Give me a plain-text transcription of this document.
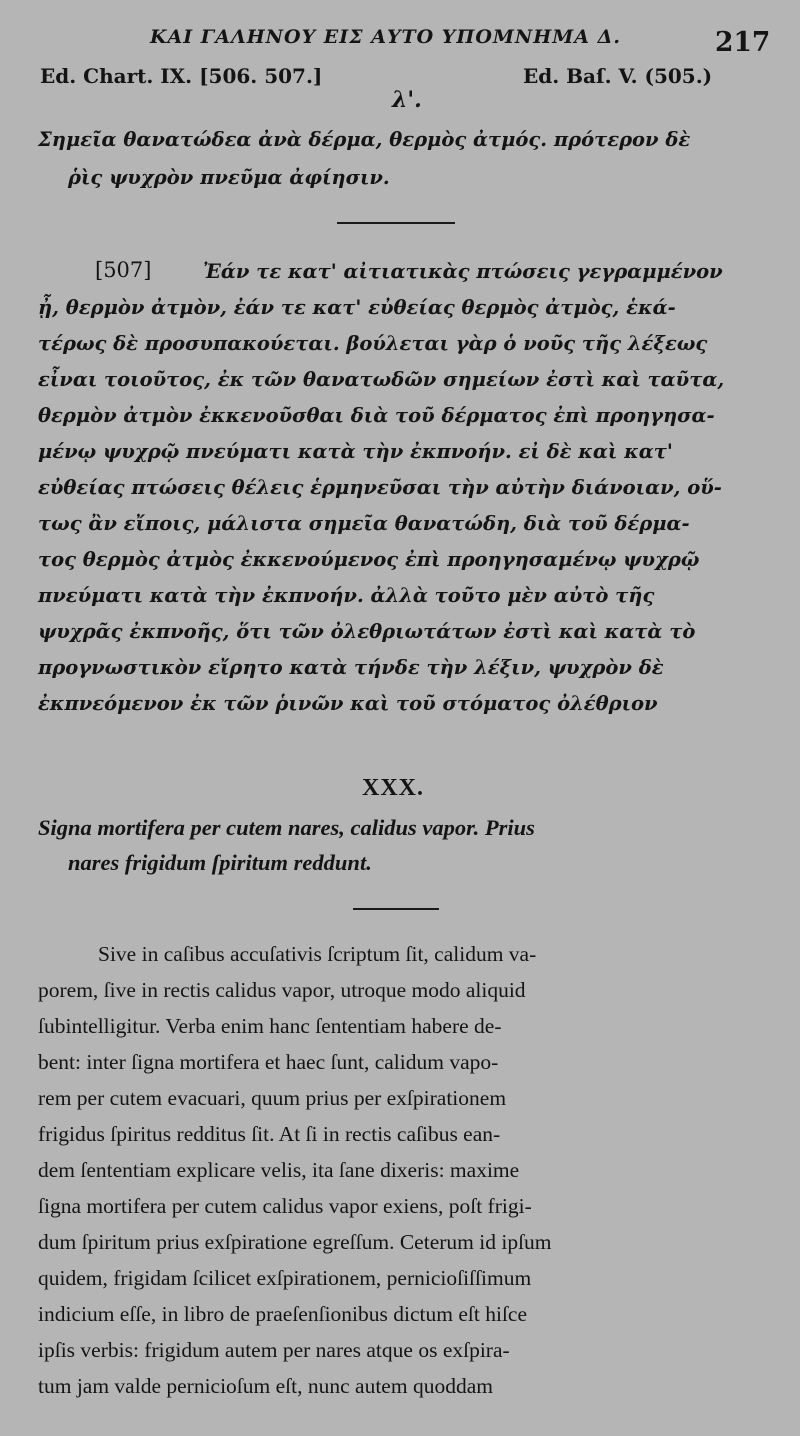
ΚΑΙ ΓΑΛΗΝΟΥ ΕΙΣ ΑΥΤΟ ΥΠΟΜΝΗΜΑ Δ.	217
Ed. Chart. IX. [506. 507.]	Ed. Baſ. V. (505.)
λ'.
Σημεῖα θανατώδεα ἀνὰ δέρμα, θερμὸς ἀτμός. πρότερον δὲ
ῥὶς ψυχρὸν πνεῦμα ἀφίησιν.
[507]	Ἐάν τε κατ' αἰτιατικὰς πτώσεις γεγραμμένον
ᾖ, θερμὸν ἀτμὸν, ἐάν τε κατ' εὐθείας θερμὸς ἀτμὸς, ἑκά-
τέρως δὲ προσυπακούεται. βούλεται γὰρ ὁ νοῦς τῆς λέξεως
εἶναι τοιοῦτος, ἐκ τῶν θανατωδῶν σημείων ἐστὶ καὶ ταῦτα,
θερμὸν ἀτμὸν ἐκκενοῦσθαι διὰ τοῦ δέρματος ἐπὶ προηγησα-
μένῳ ψυχρῷ πνεύματι κατὰ τὴν ἐκπνοήν. εἰ δὲ καὶ κατ'
εὐθείας πτώσεις θέλεις ἑρμηνεῦσαι τὴν αὐτὴν διάνοιαν, οὕ-
τως ἂν εἴποις, μάλιστα σημεῖα θανατώδη, διὰ τοῦ δέρμα-
τος θερμὸς ἀτμὸς ἐκκενούμενος ἐπὶ προηγησαμένῳ ψυχρῷ
πνεύματι κατὰ τὴν ἐκπνοήν. ἀλλὰ τοῦτο μὲν αὐτὸ τῆς
ψυχρᾶς ἐκπνοῆς, ὅτι τῶν ὀλεθριωτάτων ἐστὶ καὶ κατὰ τὸ
προγνωστικὸν εἴρητο κατὰ τήνδε τὴν λέξιν, ψυχρὸν δὲ
ἐκπνεόμενον ἐκ τῶν ῥινῶν καὶ τοῦ στόματος ὀλέθριον
XXX.
Signa mortifera per cutem nares, calidus vapor. Prius
nares frigidum ſpiritum reddunt.
Sive in caſibus accuſativis ſcriptum ſit, calidum va-
porem, ſive in rectis calidus vapor, utroque modo aliquid
ſubintelligitur. Verba enim hanc ſententiam habere de-
bent: inter ſigna mortifera et haec ſunt, calidum vapo-
rem per cutem evacuari, quum prius per exſpirationem
frigidus ſpiritus redditus ſit. At ſi in rectis caſibus ean-
dem ſententiam explicare velis, ita ſane dixeris: maxime
ſigna mortifera per cutem calidus vapor exiens, poſt frigi-
dum ſpiritum prius exſpiratione egreſſum. Ceterum id ipſum
quidem, frigidam ſcilicet exſpirationem, pernicioſiſſimum
indicium eſſe, in libro de praeſenſionibus dictum eſt hiſce
ipſis verbis: frigidum autem per nares atque os exſpira-
tum jam valde pernicioſum eſt, nunc autem quoddam
